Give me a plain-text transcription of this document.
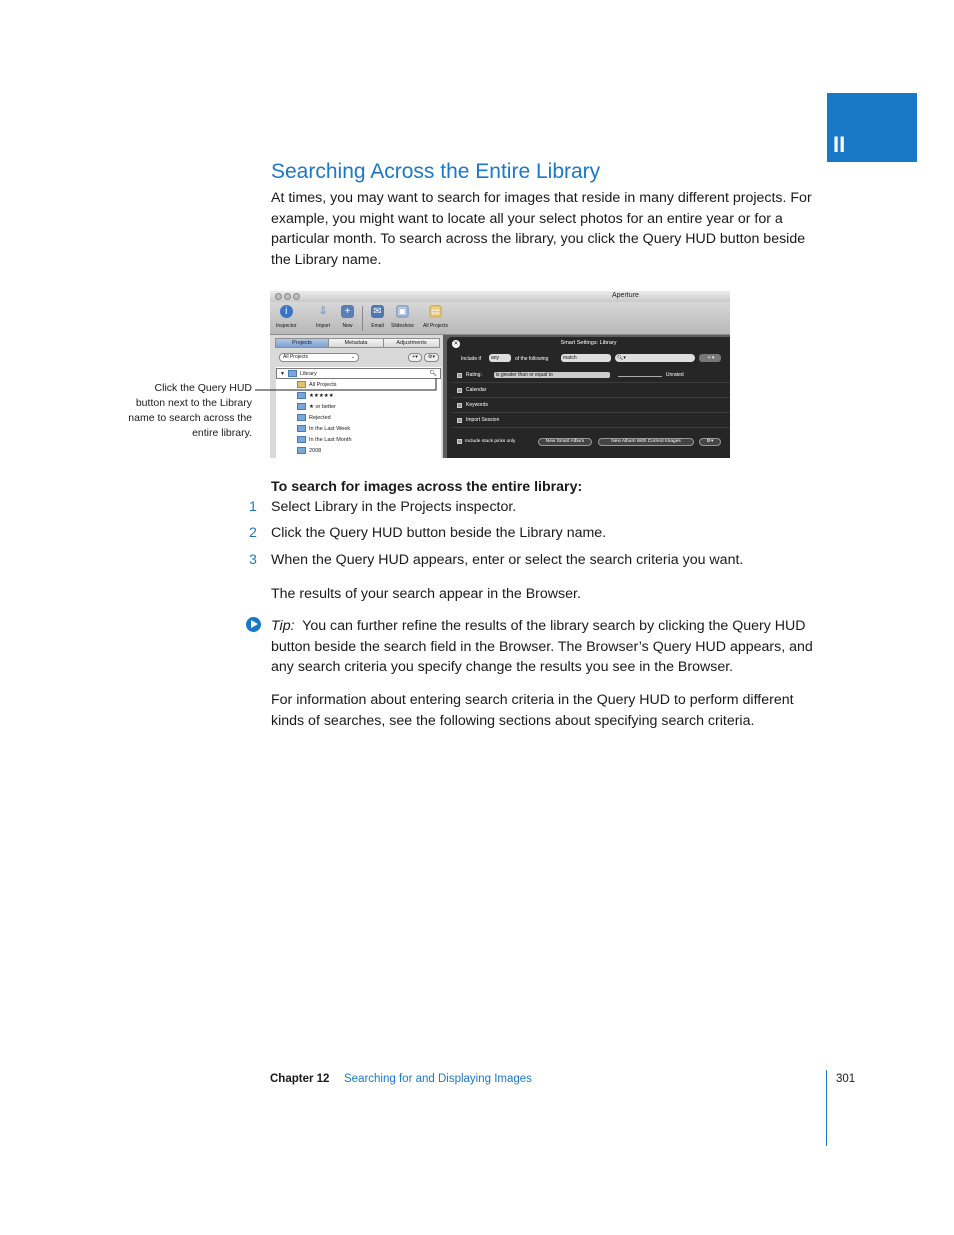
II
Searching Across the Entire Library

At times, you may want to search for images that reside in many different projects. For example, you might want to locate all your select photos for an entire year or for a particular month. To search across the library, you click the Query HUD button beside the Library name.

Aperture
i
Inspector
⇩
Import
+
New
✉
Email
▣
Slideshow
▤
All Projects
Projects	Metadata	Adjustments
All Projects	⌄	+▾	⚙▾
🔍︎
▼	Library
All Projects
★★★★★
★ or better
Rejected
In the Last Week
In the Last Month
2008
Smart Settings: Library
✕
Include if	any	of the following	match	🔍︎▾	+ ▾
Rating:	is greater than or equal to	Unrated
Calendar
Keywords
Import Session
Include stack picks only	New Smart Album	New Album With Current Images	⚙▾

Click the Query HUD button next to the Library name to search across the entire library.

To search for images across the entire library:
1 Select Library in the Projects inspector.
2 Click the Query HUD button beside the Library name.
3 When the Query HUD appears, enter or select the search criteria you want.

The results of your search appear in the Browser.

Tip: You can further refine the results of the library search by clicking the Query HUD button beside the search field in the Browser. The Browser’s Query HUD appears, and any search criteria you specify change the results you see in the Browser.

For information about entering search criteria in the Query HUD to perform different kinds of searches, see the following sections about specifying search criteria.

Chapter 12 Searching for and Displaying Images	301
